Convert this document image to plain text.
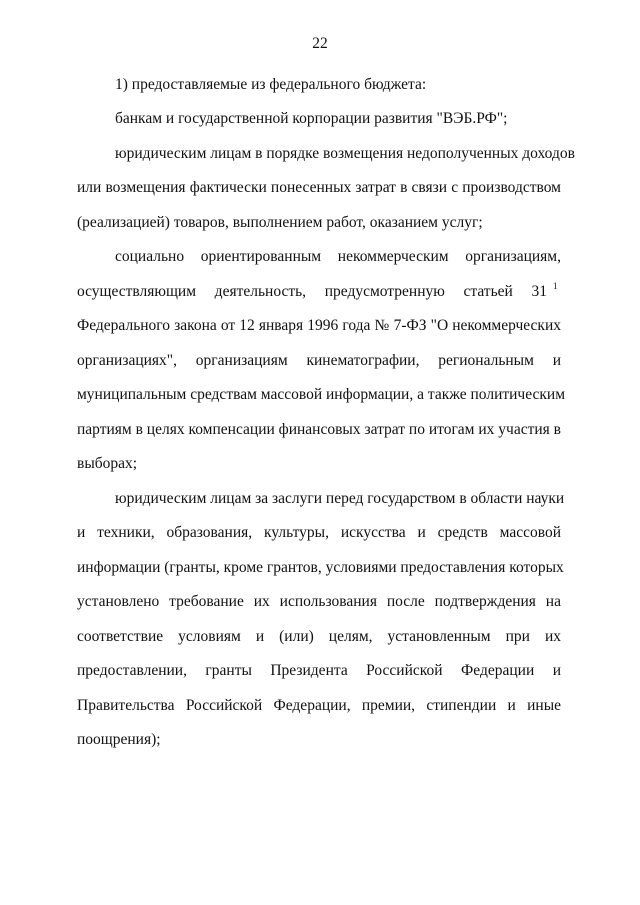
22
1) предоставляемые из федерального бюджета:
банкам и государственной корпорации развития "ВЭБ.РФ";
юридическим лицам в порядке возмещения недополученных доходов
или возмещения фактически понесенных затрат в связи с производством
(реализацией) товаров, выполнением работ, оказанием услуг;
социально ориентированным некоммерческим организациям,
осуществляющим деятельность, предусмотренную статьей 31 1
Федерального закона от 12 января 1996 года № 7-ФЗ "О некоммерческих
организациях", организациям кинематографии, региональным и
муниципальным средствам массовой информации, а также политическим
партиям в целях компенсации финансовых затрат по итогам их участия в
выборах;
юридическим лицам за заслуги перед государством в области науки
и техники, образования, культуры, искусства и средств массовой
информации (гранты, кроме грантов, условиями предоставления которых
установлено требование их использования после подтверждения на
соответствие условиям и (или) целям, установленным при их
предоставлении, гранты Президента Российской Федерации и
Правительства Российской Федерации, премии, стипендии и иные
поощрения);
